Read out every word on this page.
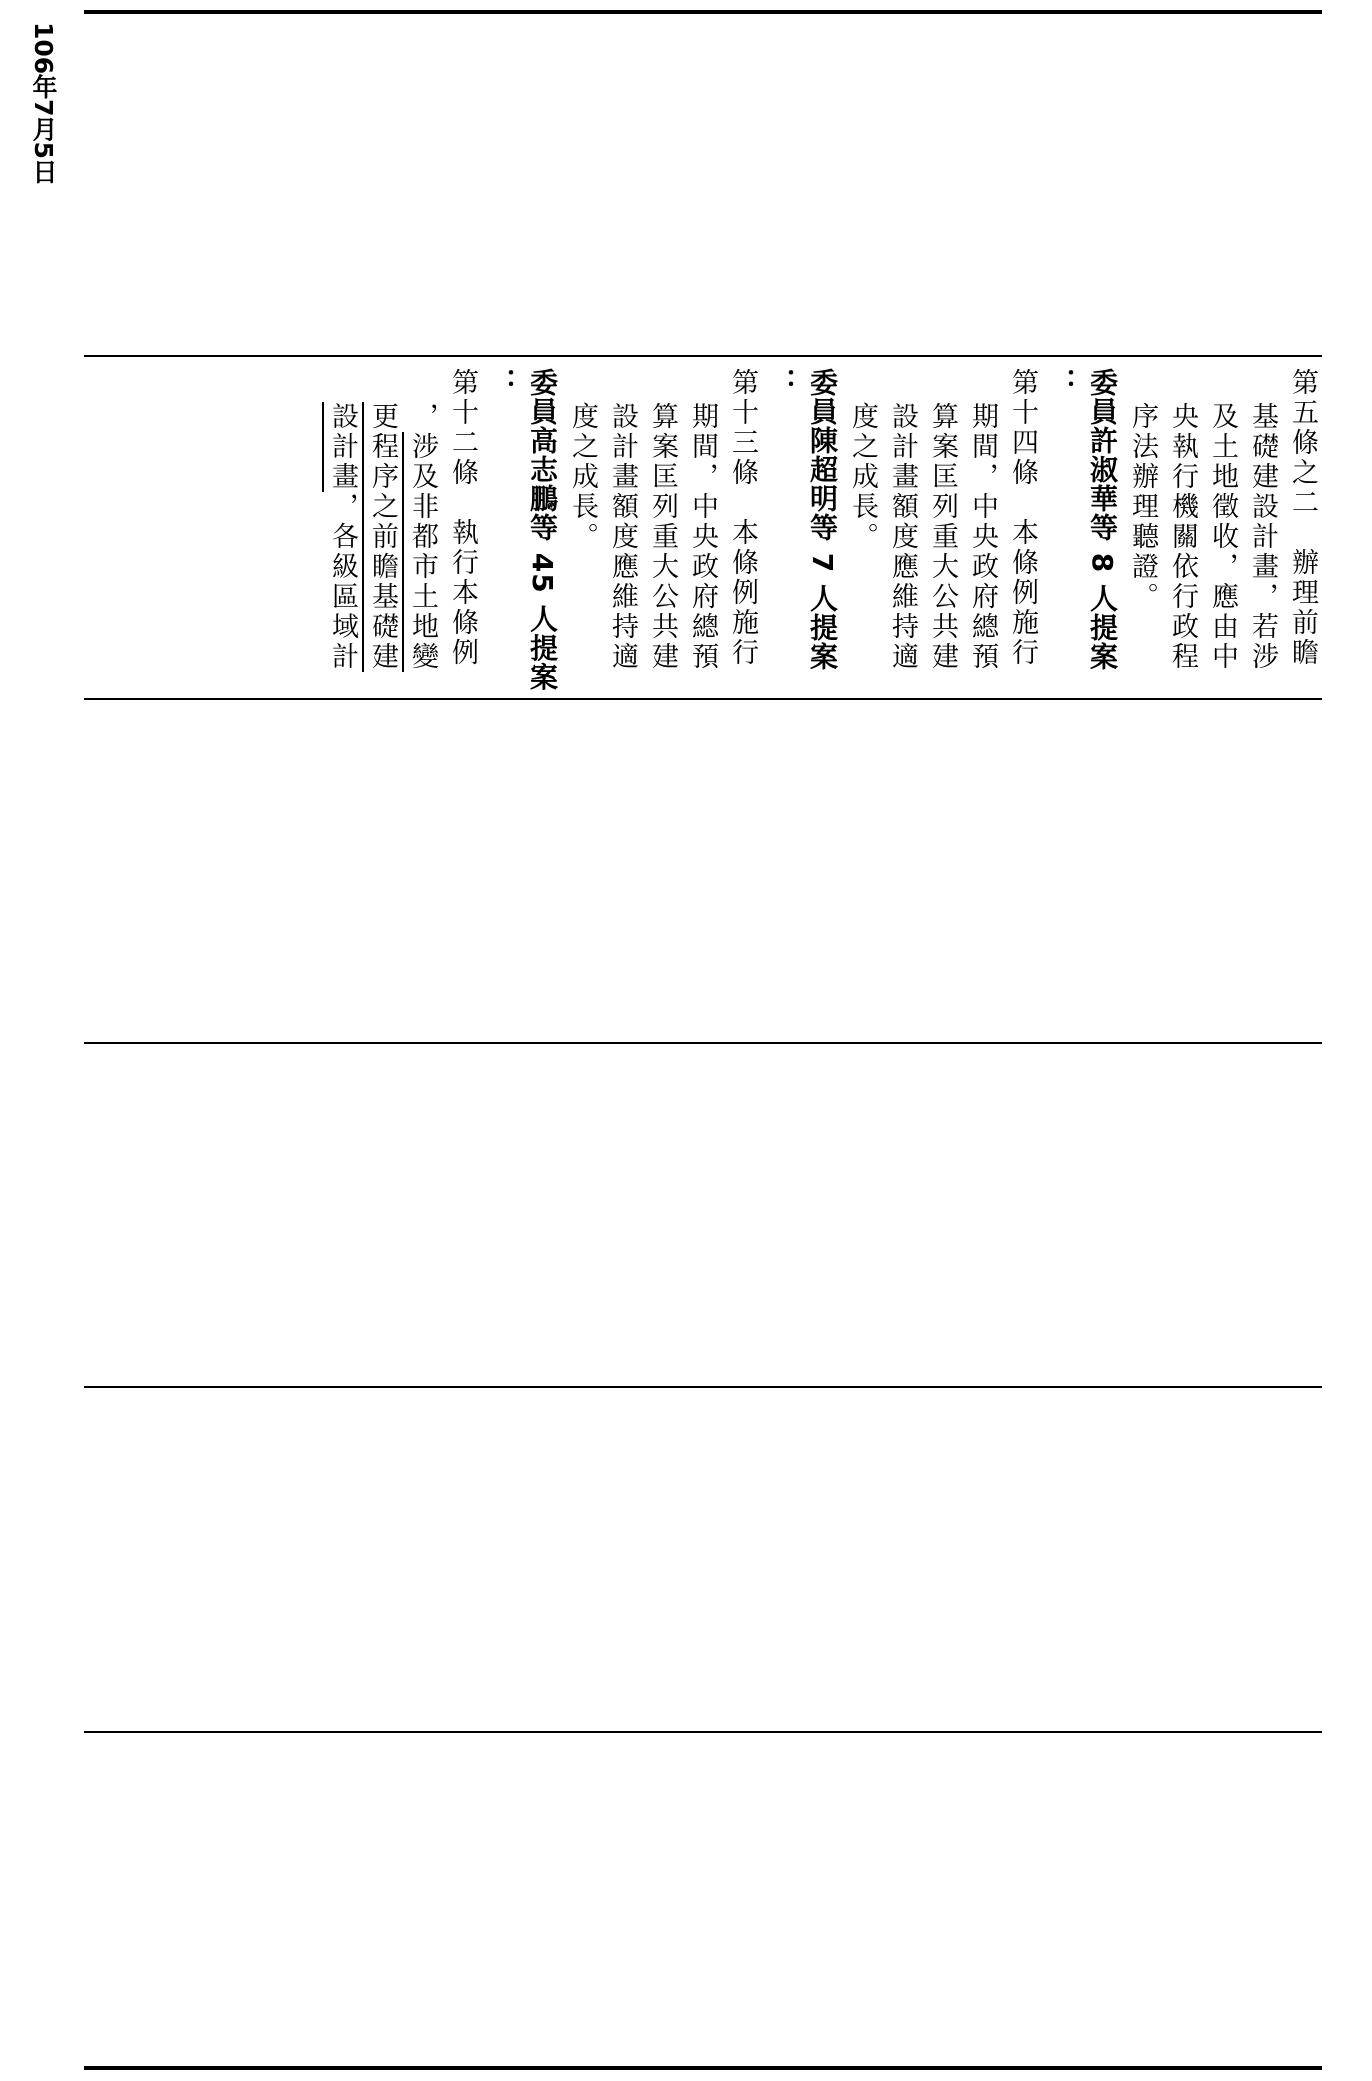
106年7月5日
第五條之二　辦理前瞻
基礎建設計畫，若涉
及土地徵收，應由中
央執行機關依行政程
序法辦理聽證。
委員許淑華等 8 人提案
：
第十四條　本條例施行
期間，中央政府總預
算案匡列重大公共建
設計畫額度應維持適
度之成長。
委員陳超明等 7 人提案
：
第十三條　本條例施行
期間，中央政府總預
算案匡列重大公共建
設計畫額度應維持適
度之成長。
委員高志鵬等 45 人提案
：
第十二條　執行本條例
，涉及非都市土地變
更程序之前瞻基礎建
設計畫，各級區域計
